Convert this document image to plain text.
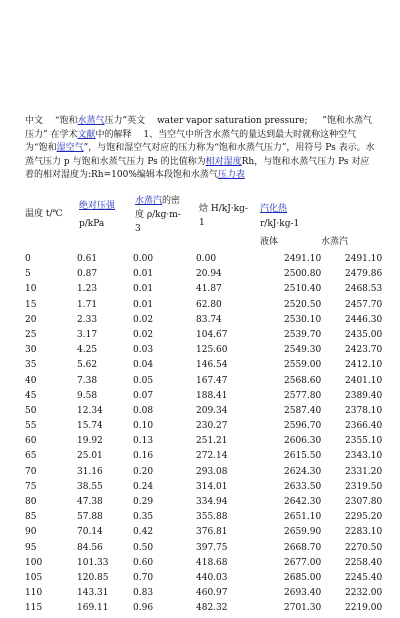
中文 　“饱和水蒸气压力”英文　 water vapor saturation pressure; 　 ”饱和水蒸气压力” 在学术文献中的解释 　1、当空气中所含水蒸气的量达到最大时就称这种空气为“饱和湿空气”，与饱和湿空气对应的压力称为“饱和水蒸气压力”，用符号 Ps 表示。水蒸气压力 p 与饱和水蒸气压力 Ps 的比值称为相对湿度Rh，与饱和水蒸气压力 Ps 对应着的相对湿度为:Rh=100%编辑本段饱和水蒸气压力表
温度 t/℃
绝对压强
p/kPa
水蒸汽的密
度 ρ/kg·m-
3
焓 H/kJ·kg-
1
汽化热
r/kJ·kg-1
液体	水蒸汽
0	0.61	0.00	0.00	2491.10	2491.10
5	0.87	0.01	20.94	2500.80	2479.86
10	1.23	0.01	41.87	2510.40	2468.53
15	1.71	0.01	62.80	2520.50	2457.70
20	2.33	0.02	83.74	2530.10	2446.30
25	3.17	0.02	104.67	2539.70	2435.00
30	4.25	0.03	125.60	2549.30	2423.70
35	5.62	0.04	146.54	2559.00	2412.10
40	7.38	0.05	167.47	2568.60	2401.10
45	9.58	0.07	188.41	2577.80	2389.40
50	12.34	0.08	209.34	2587.40	2378.10
55	15.74	0.10	230.27	2596.70	2366.40
60	19.92	0.13	251.21	2606.30	2355.10
65	25.01	0.16	272.14	2615.50	2343.10
70	31.16	0.20	293.08	2624.30	2331.20
75	38.55	0.24	314.01	2633.50	2319.50
80	47.38	0.29	334.94	2642.30	2307.80
85	57.88	0.35	355.88	2651.10	2295.20
90	70.14	0.42	376.81	2659.90	2283.10
95	84.56	0.50	397.75	2668.70	2270.50
100	101.33	0.60	418.68	2677.00	2258.40
105	120.85	0.70	440.03	2685.00	2245.40
110	143.31	0.83	460.97	2693.40	2232.00
115	169.11	0.96	482.32	2701.30	2219.00
